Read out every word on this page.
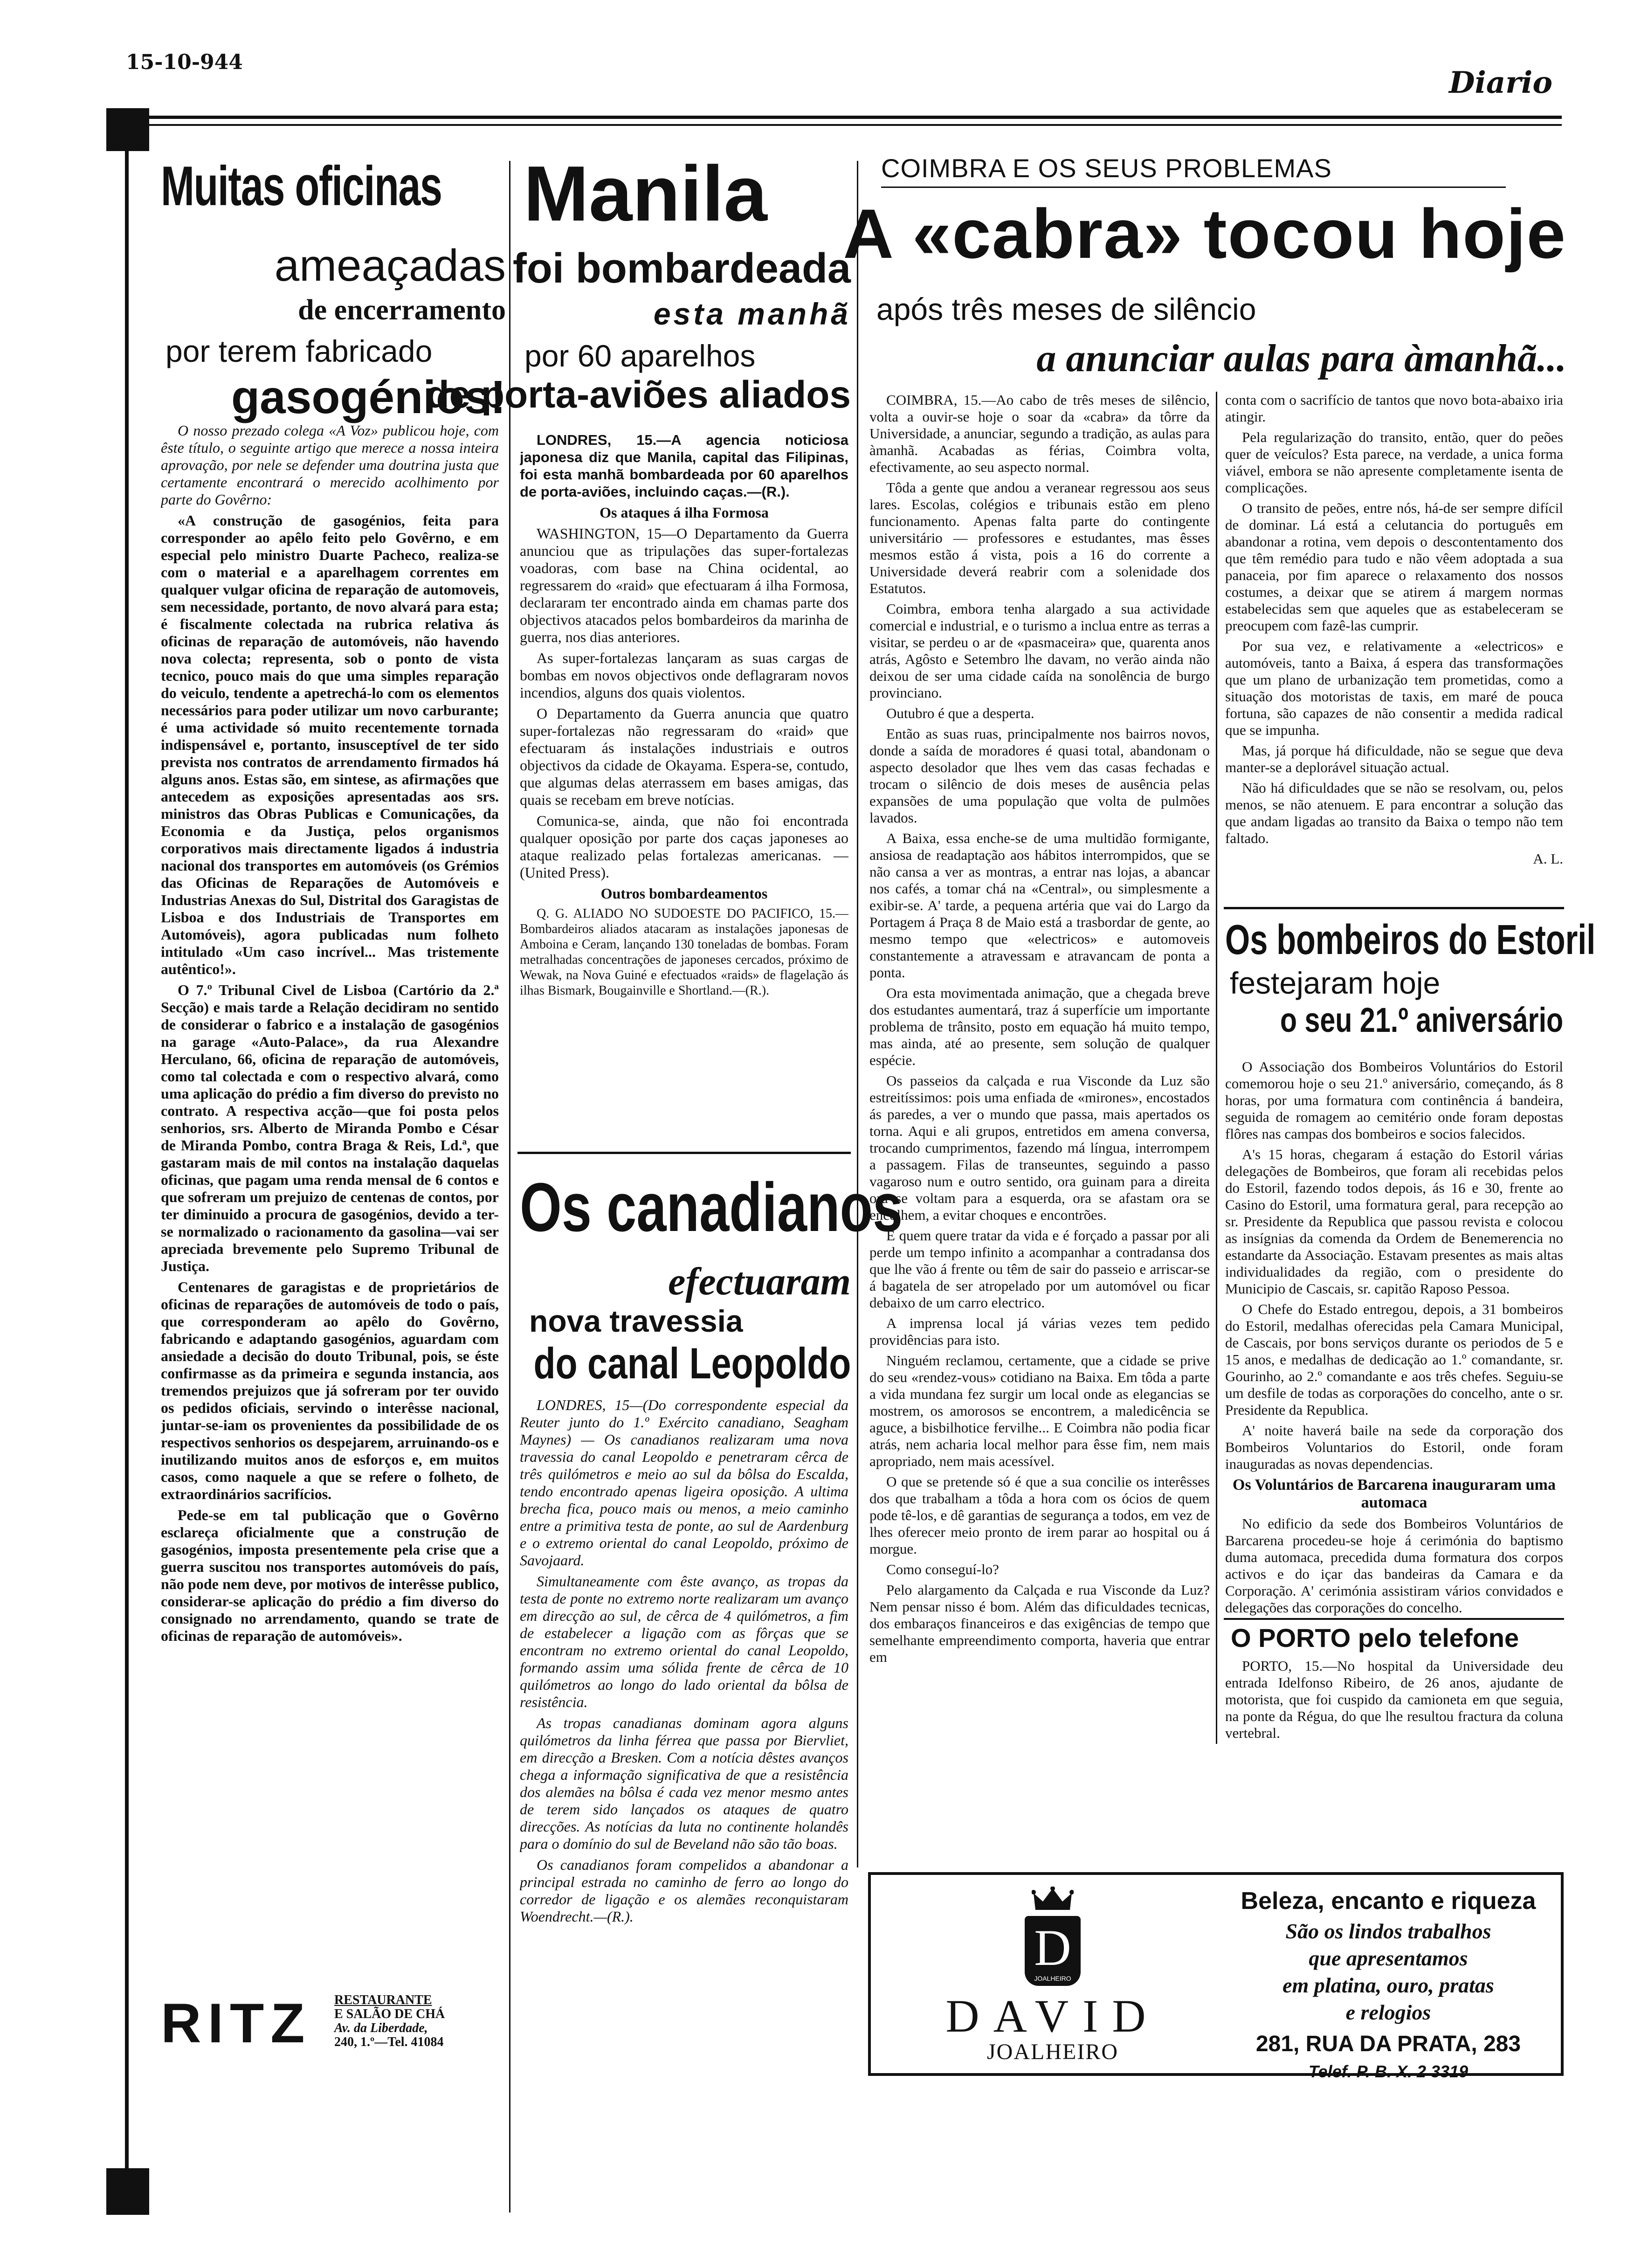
15-10-944
Diario
Muitas oficinas
ameaçadas
de encerramento
por terem fabricado
gasogénios!

O nosso prezado colega «A Voz» publicou hoje, com êste título, o seguinte artigo que merece a nossa inteira aprovação, por nele se defender uma doutrina justa que certamente encontrará o merecido acolhimento por parte do Govêrno:

«A construção de gasogénios, feita para corresponder ao apêlo feito pelo Govêrno, e em especial pelo ministro Duarte Pacheco, realiza-se com o material e a aparelhagem correntes em qualquer vulgar oficina de reparação de automoveis, sem necessidade, portanto, de novo alvará para esta; é fiscalmente colectada na rubrica relativa ás oficinas de reparação de automóveis, não havendo nova colecta; representa, sob o ponto de vista tecnico, pouco mais do que uma simples reparação do veiculo, tendente a apetrechá-lo com os elementos necessários para poder utilizar um novo carburante; é uma actividade só muito recentemente tornada indispensável e, portanto, insusceptível de ter sido prevista nos contratos de arrendamento firmados há alguns anos. Estas são, em sintese, as afirmações que antecedem as exposições apresentadas aos srs. ministros das Obras Publicas e Comunicações, da Economia e da Justiça, pelos organismos corporativos mais directamente ligados á industria nacional dos transportes em automóveis (os Grémios das Oficinas de Reparações de Automóveis e Industrias Anexas do Sul, Distrital dos Garagistas de Lisboa e dos Industriais de Transportes em Automóveis), agora publicadas num folheto intitulado «Um caso incrível... Mas tristemente autêntico!».

O 7.º Tribunal Civel de Lisboa (Cartório da 2.ª Secção) e mais tarde a Relação decidiram no sentido de considerar o fabrico e a instalação de gasogénios na garage «Auto-Palace», da rua Alexandre Herculano, 66, oficina de reparação de automóveis, como tal colectada e com o respectivo alvará, como uma aplicação do prédio a fim diverso do previsto no contrato. A respectiva acção—que foi posta pelos senhorios, srs. Alberto de Miranda Pombo e César de Miranda Pombo, contra Braga & Reis, Ld.ª, que gastaram mais de mil contos na instalação daquelas oficinas, que pagam uma renda mensal de 6 contos e que sofreram um prejuizo de centenas de contos, por ter diminuido a procura de gasogénios, devido a ter-se normalizado o racionamento da gasolina—vai ser apreciada brevemente pelo Supremo Tribunal de Justiça.

Centenares de garagistas e de proprietários de oficinas de reparações de automóveis de todo o país, que corresponderam ao apêlo do Govêrno, fabricando e adaptando gasogénios, aguardam com ansiedade a decisão do douto Tribunal, pois, se éste confirmasse as da primeira e segunda instancia, aos tremendos prejuizos que já sofreram por ter ouvido os pedidos oficiais, servindo o interêsse nacional, juntar-se-iam os provenientes da possibilidade de os respectivos senhorios os despejarem, arruinando-os e inutilizando muitos anos de esforços e, em muitos casos, como naquele a que se refere o folheto, de extraordinários sacrifícios.

Pede-se em tal publicação que o Govêrno esclareça oficialmente que a construção de gasogénios, imposta presentemente pela crise que a guerra suscitou nos transportes automóveis do país, não pode nem deve, por motivos de interêsse publico, considerar-se aplicação do prédio a fim diverso do consignado no arrendamento, quando se trate de oficinas de reparação de automóveis».

RITZ RESTAURANTE
E SALÃO DE CHÁ
Av. da Liberdade,
240, 1.º—Tel. 41084
Manila
foi bombardeada
esta manhã
por 60 aparelhos
de porta-aviões aliados

LONDRES, 15.—A agencia noticiosa japonesa diz que Manila, capital das Filipinas, foi esta manhã bombardeada por 60 aparelhos de porta-aviões, incluindo caças.—(R.).

Os ataques á ilha Formosa

WASHINGTON, 15—O Departamento da Guerra anunciou que as tripulações das super-fortalezas voadoras, com base na China ocidental, ao regressarem do «raid» que efectuaram á ilha Formosa, declararam ter encontrado ainda em chamas parte dos objectivos atacados pelos bombardeiros da marinha de guerra, nos dias anteriores.

As super-fortalezas lançaram as suas cargas de bombas em novos objectivos onde deflagraram novos incendios, alguns dos quais violentos.

O Departamento da Guerra anuncia que quatro super-fortalezas não regressaram do «raid» que efectuaram ás instalações industriais e outros objectivos da cidade de Okayama. Espera-se, contudo, que algumas delas aterrassem em bases amigas, das quais se recebam em breve notícias.

Comunica-se, ainda, que não foi encontrada qualquer oposição por parte dos caças japoneses ao ataque realizado pelas fortalezas americanas. — (United Press).

Outros bombardeamentos

Q. G. ALIADO NO SUDOESTE DO PACIFICO, 15.—Bombardeiros aliados atacaram as instalações japonesas de Amboina e Ceram, lançando 130 toneladas de bombas. Foram metralhadas concentrações de japoneses cercados, próximo de Wewak, na Nova Guiné e efectuados «raids» de flagelação ás ilhas Bismark, Bougainville e Shortland.—(R.).

Os canadianos
efectuaram
nova travessia
do canal Leopoldo

LONDRES, 15—(Do correspondente especial da Reuter junto do 1.º Exército canadiano, Seagham Maynes) — Os canadianos realizaram uma nova travessia do canal Leopoldo e penetraram cêrca de três quilómetros e meio ao sul da bôlsa do Escalda, tendo encontrado apenas ligeira oposição. A ultima brecha fica, pouco mais ou menos, a meio caminho entre a primitiva testa de ponte, ao sul de Aardenburg e o extremo oriental do canal Leopoldo, próximo de Savojaard.

Simultaneamente com êste avanço, as tropas da testa de ponte no extremo norte realizaram um avanço em direcção ao sul, de cêrca de 4 quilómetros, a fim de estabelecer a ligação com as fôrças que se encontram no extremo oriental do canal Leopoldo, formando assim uma sólida frente de cêrca de 10 quilómetros ao longo do lado oriental da bôlsa de resistência.

As tropas canadianas dominam agora alguns quilómetros da linha férrea que passa por Biervliet, em direcção a Bresken. Com a notícia dêstes avanços chega a informação significativa de que a resistência dos alemães na bôlsa é cada vez menor mesmo antes de terem sido lançados os ataques de quatro direcções. As notícias da luta no continente holandês para o domínio do sul de Beveland não são tão boas.

Os canadianos foram compelidos a abandonar a principal estrada no caminho de ferro ao longo do corredor de ligação e os alemães reconquistaram Woendrecht.—(R.).

COIMBRA E OS SEUS PROBLEMAS
A «cabra» tocou hoje
após três meses de silêncio
a anunciar aulas para àmanhã...

COIMBRA, 15.—Ao cabo de três meses de silêncio, volta a ouvir-se hoje o soar da «cabra» da tôrre da Universidade, a anunciar, segundo a tradição, as aulas para àmanhã. Acabadas as férias, Coimbra volta, efectivamente, ao seu aspecto normal.

Tôda a gente que andou a veranear regressou aos seus lares. Escolas, colégios e tribunais estão em pleno funcionamento. Apenas falta parte do contingente universitário — professores e estudantes, mas êsses mesmos estão á vista, pois a 16 do corrente a Universidade deverá reabrir com a solenidade dos Estatutos.

Coimbra, embora tenha alargado a sua actividade comercial e industrial, e o turismo a inclua entre as terras a visitar, se perdeu o ar de «pasmaceira» que, quarenta anos atrás, Agôsto e Setembro lhe davam, no verão ainda não deixou de ser uma cidade caída na sonolência de burgo provinciano.

Outubro é que a desperta.

Então as suas ruas, principalmente nos bairros novos, donde a saída de moradores é quasi total, abandonam o aspecto desolador que lhes vem das casas fechadas e trocam o silêncio de dois meses de ausência pelas expansões de uma população que volta de pulmões lavados.

A Baixa, essa enche-se de uma multidão formigante, ansiosa de readaptação aos hábitos interrompidos, que se não cansa a ver as montras, a entrar nas lojas, a abancar nos cafés, a tomar chá na «Central», ou simplesmente a exibir-se. A' tarde, a pequena artéria que vai do Largo da Portagem á Praça 8 de Maio está a trasbordar de gente, ao mesmo tempo que «electricos» e automoveis constantemente a atravessam e atravancam de ponta a ponta.

Ora esta movimentada animação, que a chegada breve dos estudantes aumentará, traz á superfície um importante problema de trânsito, posto em equação há muito tempo, mas ainda, até ao presente, sem solução de qualquer espécie.

Os passeios da calçada e rua Visconde da Luz são estreitíssimos: pois uma enfiada de «mirones», encostados ás paredes, a ver o mundo que passa, mais apertados os torna. Aqui e ali grupos, entretidos em amena conversa, trocando cumprimentos, fazendo má língua, interrompem a passagem. Filas de transeuntes, seguindo a passo vagaroso num e outro sentido, ora guinam para a direita ora se voltam para a esquerda, ora se afastam ora se encolhem, a evitar choques e encontrões.

E quem quere tratar da vida e é forçado a passar por ali perde um tempo infinito a acompanhar a contradansa dos que lhe vão á frente ou têm de sair do passeio e arriscar-se á bagatela de ser atropelado por um automóvel ou ficar debaixo de um carro electrico.

A imprensa local já várias vezes tem pedido providências para isto.

Ninguém reclamou, certamente, que a cidade se prive do seu «rendez-vous» cotidiano na Baixa. Em tôda a parte a vida mundana fez surgir um local onde as elegancias se mostrem, os amorosos se encontrem, a maledicência se aguce, a bisbilhotice fervilhe... E Coimbra não podia ficar atrás, nem acharia local melhor para êsse fim, nem mais apropriado, nem mais acessível.

O que se pretende só é que a sua concilie os interêsses dos que trabalham a tôda a hora com os ócios de quem pode tê-los, e dê garantias de segurança a todos, em vez de lhes oferecer meio pronto de irem parar ao hospital ou á morgue.

Como conseguí-lo?

Pelo alargamento da Calçada e rua Visconde da Luz? Nem pensar nisso é bom. Além das dificuldades tecnicas, dos embaraços financeiros e das exigências de tempo que semelhante empreendimento comporta, haveria que entrar em

conta com o sacrifício de tantos que novo bota-abaixo iria atingir.

Pela regularização do transito, então, quer do peões quer de veículos? Esta parece, na verdade, a unica forma viável, embora se não apresente completamente isenta de complicações.

O transito de peões, entre nós, há-de ser sempre difícil de dominar. Lá está a celutancia do português em abandonar a rotina, vem depois o descontentamento dos que têm remédio para tudo e não vêem adoptada a sua panaceia, por fim aparece o relaxamento dos nossos costumes, a deixar que se atirem á margem normas estabelecidas sem que aqueles que as estabeleceram se preocupem com fazê-las cumprir.

Por sua vez, e relativamente a «electricos» e automóveis, tanto a Baixa, á espera das transformações que um plano de urbanização tem prometidas, como a situação dos motoristas de taxis, em maré de pouca fortuna, são capazes de não consentir a medida radical que se impunha.

Mas, já porque há dificuldade, não se segue que deva manter-se a deplorável situação actual.

Não há dificuldades que se não se resolvam, ou, pelos menos, se não atenuem. E para encontrar a solução das que andam ligadas ao transito da Baixa o tempo não tem faltado.

A. L.

Os bombeiros do Estoril
festejaram hoje
o seu 21.º aniversário

O Associação dos Bombeiros Voluntários do Estoril comemorou hoje o seu 21.º aniversário, começando, ás 8 horas, por uma formatura com continência á bandeira, seguida de romagem ao cemitério onde foram depostas flôres nas campas dos bombeiros e socios falecidos.

A's 15 horas, chegaram á estação do Estoril várias delegações de Bombeiros, que foram ali recebidas pelos do Estoril, fazendo todos depois, ás 16 e 30, frente ao Casino do Estoril, uma formatura geral, para recepção ao sr. Presidente da Republica que passou revista e colocou as insígnias da comenda da Ordem de Benemerencia no estandarte da Associação. Estavam presentes as mais altas individualidades da região, com o presidente do Municipio de Cascais, sr. capitão Raposo Pessoa.

O Chefe do Estado entregou, depois, a 31 bombeiros do Estoril, medalhas oferecidas pela Camara Municipal, de Cascais, por bons serviços durante os periodos de 5 e 15 anos, e medalhas de dedicação ao 1.º comandante, sr. Gourinho, ao 2.º comandante e aos três chefes. Seguiu-se um desfile de todas as corporações do concelho, ante o sr. Presidente da Republica.

A' noite haverá baile na sede da corporação dos Bombeiros Voluntarios do Estoril, onde foram inauguradas as novas dependencias.

Os Voluntários de Barcarena inauguraram uma automaca

No edificio da sede dos Bombeiros Voluntários de Barcarena procedeu-se hoje á cerimónia do baptismo duma automaca, precedida duma formatura dos corpos activos e do içar das bandeiras da Camara e da Corporação. A' cerimónia assistiram vários convidados e delegações das corporações do concelho.

O PORTO pelo telefone

PORTO, 15.—No hospital da Universidade deu entrada Idelfonso Ribeiro, de 26 anos, ajudante de motorista, que foi cuspido da camioneta em que seguia, na ponte da Régua, do que lhe resultou fractura da coluna vertebral.

D
JOALHEIRO
DAVID
JOALHEIRO
Beleza, encanto e riqueza
São os lindos trabalhos
que apresentamos
em platina, ouro, pratas
e relogios
281, RUA DA PRATA, 283
Telef. P. B. X. 2 3319
